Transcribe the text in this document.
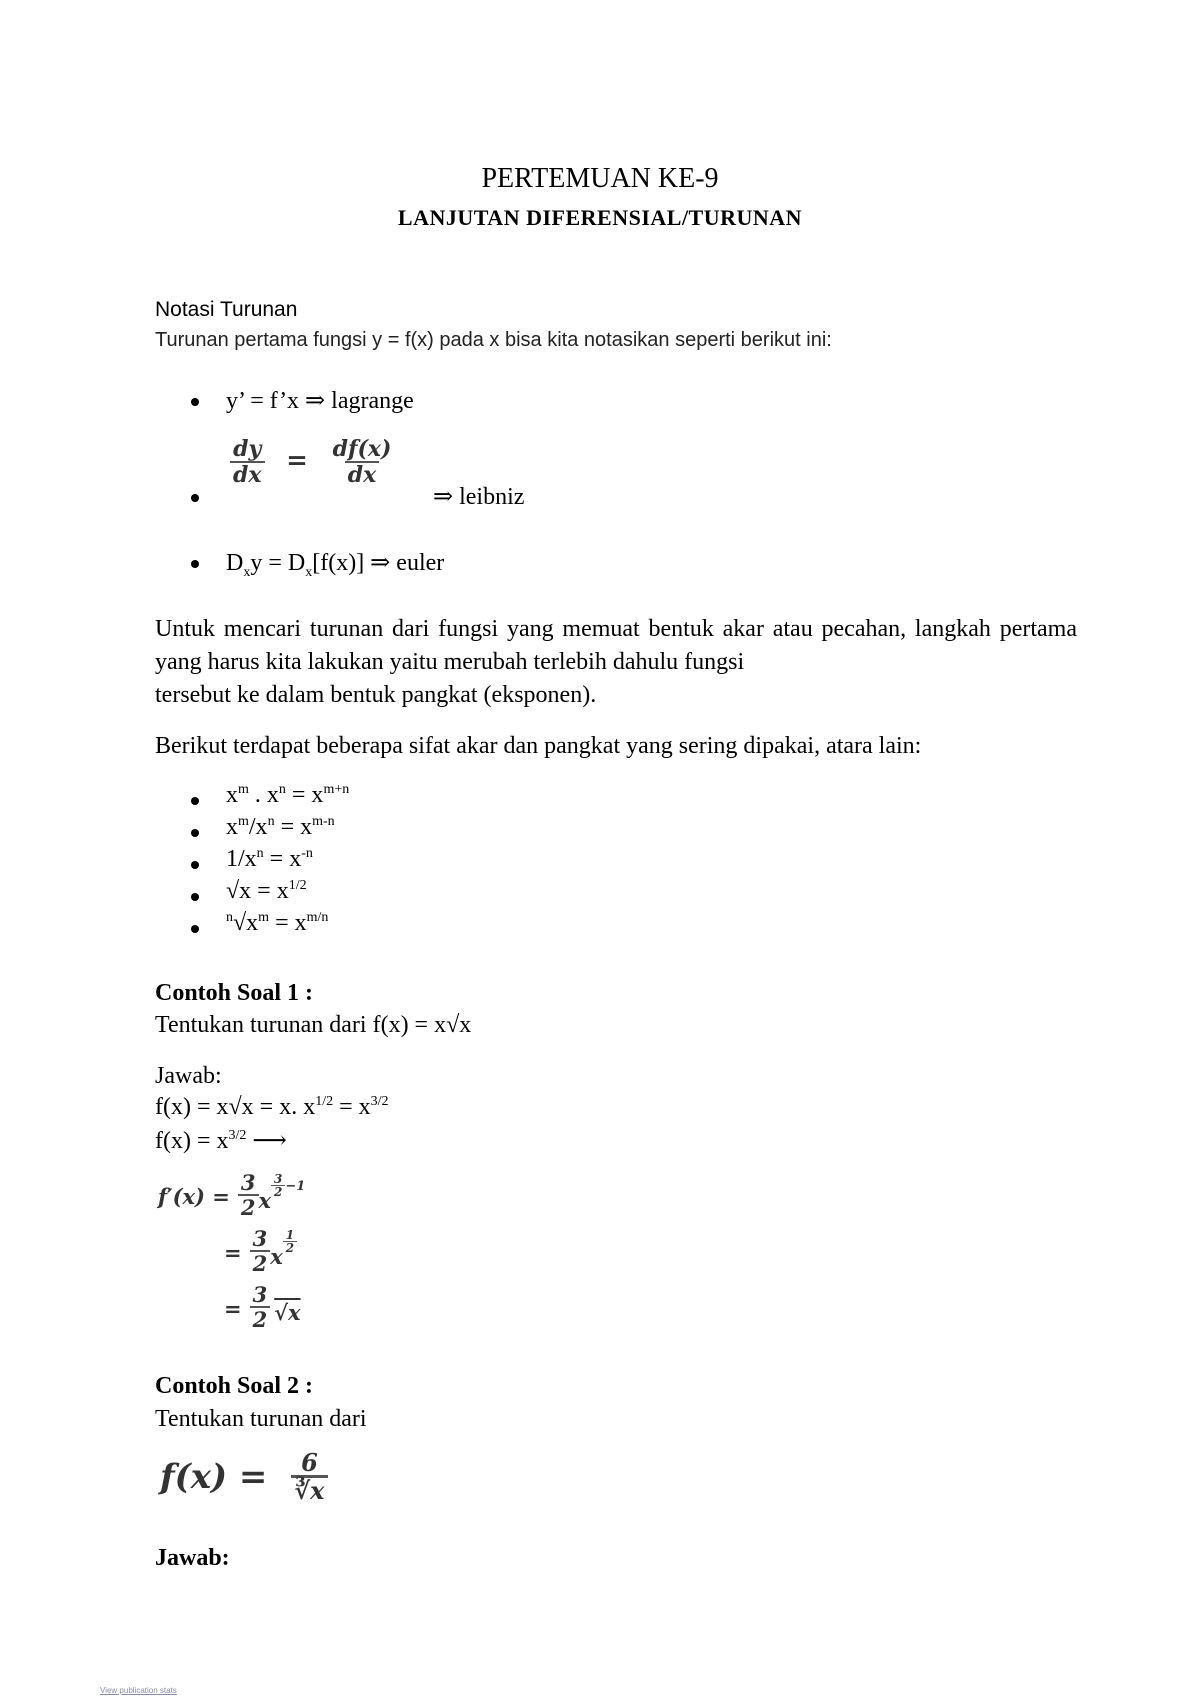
PERTEMUAN KE-9
LANJUTAN DIFERENSIAL/TURUNAN
Notasi Turunan
Turunan pertama fungsi y = f(x) pada x bisa kita notasikan seperti berikut ini:
y’ = f’x ⇒ lagrange
$\frac{dy}{dx} = \frac{df(x)}{dx}$
⇒ leibniz
$D_xy = D_x[f(x)]$ ⇒ euler
Untuk mencari turunan dari fungsi yang memuat bentuk akar atau pecahan, langkah pertama yang harus kita lakukan yaitu merubah terlebih dahulu fungsi
tersebut ke dalam bentuk pangkat (eksponen).
Berikut terdapat beberapa sifat akar dan pangkat yang sering dipakai, atara lain:
$x^m$ . $x^n = x^{m+n}$
$x^m/x^n = x^{m-n}$
$1/x^n = x^{-n}$
$√x = x^{1/2}$
$^n√x^m = x^{m/n}$
Contoh Soal 1 :
Tentukan turunan dari f(x) = x√x
Jawab:
f(x) = x√x = x. $x^{1/2} = x^{3/2}$
$f(x) = x^{3/2}$ ⟶
$f'(x) = \frac{3}{2}$ x
$\frac{3}{2} -1$
= $\frac{3}{2}$ x
$\frac{1}{2}$
= $\frac{3}{2} √x$
Contoh Soal 2 :
Tentukan turunan dari
$f(x) = \frac{6}{∛x}$
Jawab:
View publication stats
